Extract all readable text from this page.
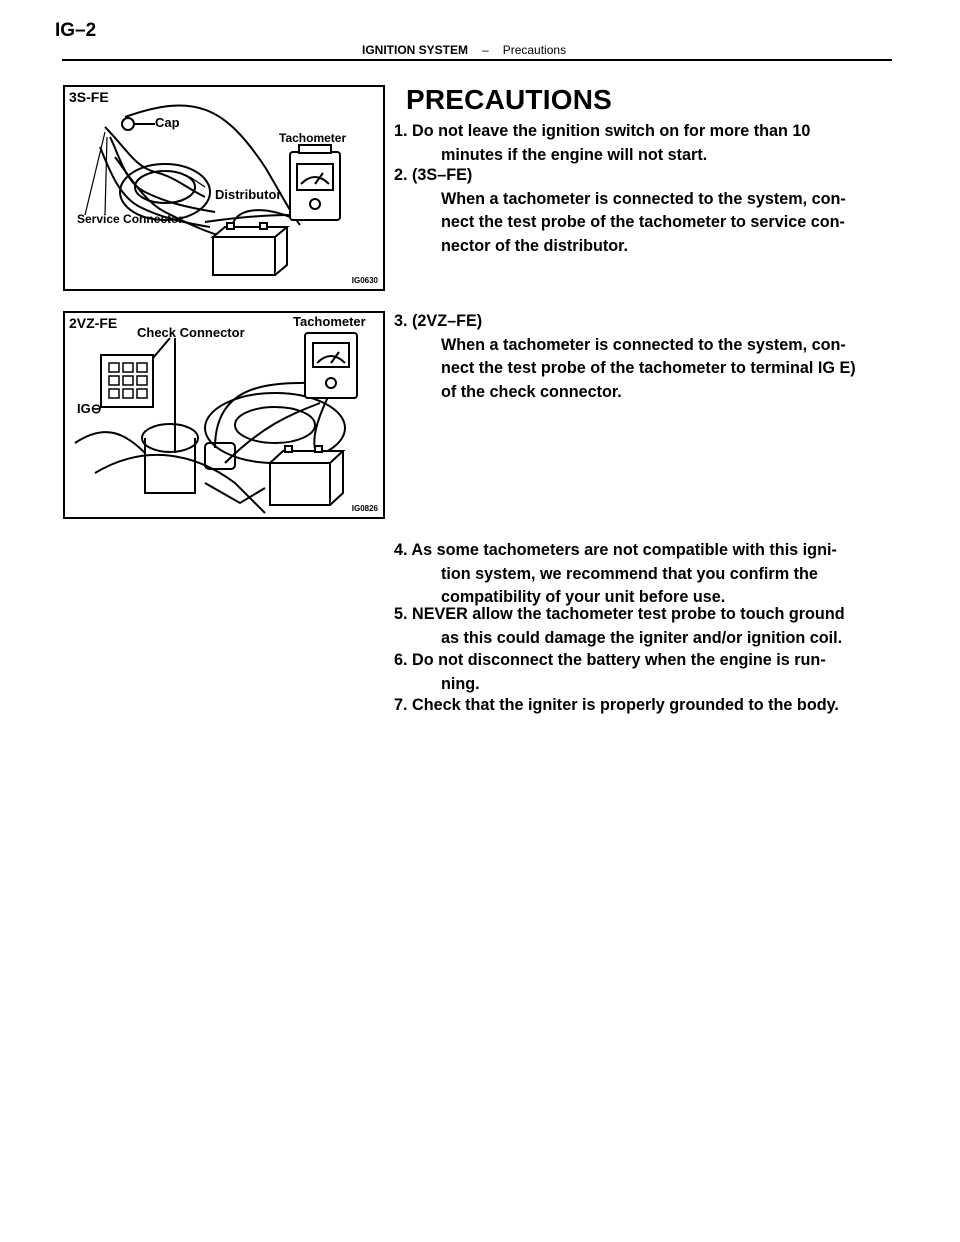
IG–2
IGNITION SYSTEM – Precautions
3S-FE
Cap
Tachometer
Distributor
Service Connector
IG0630
2VZ-FE
Check Connector
Tachometer
IG⊖
IG0826
PRECAUTIONS
1. Do not leave the ignition switch on for more than 10
minutes if the engine will not start.
2. (3S–FE)
When a tachometer is connected to the system, con-
nect the test probe of the tachometer to service con-
nector of the distributor.
3. (2VZ–FE)
When a tachometer is connected to the system, con-
nect the test probe of the tachometer to terminal IG E)
of the check connector.
4. As some tachometers are not compatible with this igni-
tion system, we recommend that you confirm the
compatibility of your unit before use.
5. NEVER allow the tachometer test probe to touch ground
as this could damage the igniter and/or ignition coil.
6. Do not disconnect the battery when the engine is run-
ning.
7. Check that the igniter is properly grounded to the body.
